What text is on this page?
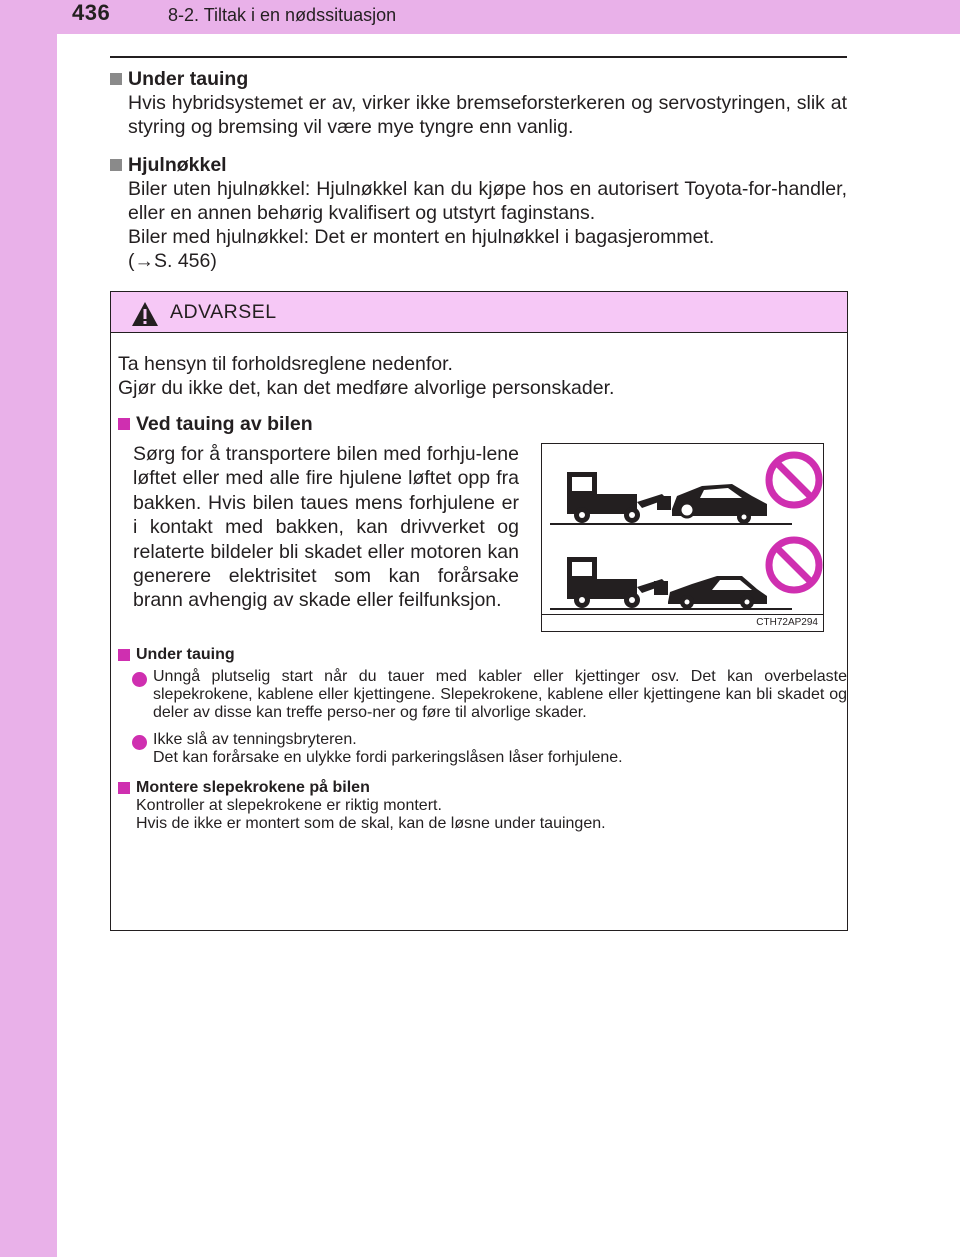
436	8-2. Tiltak i en nødssituasjon
Under tauing

Hvis hybridsystemet er av, virker ikke bremseforsterkeren og servostyringen, slik at styring og bremsing vil være mye tyngre enn vanlig.

Hjulnøkkel

Biler uten hjulnøkkel: Hjulnøkkel kan du kjøpe hos en autorisert Toyota-for-handler, eller en annen behørig kvalifisert og utstyrt faginstans.

Biler med hjulnøkkel: Det er montert en hjulnøkkel i bagasjerommet.

(→S. 456)

ADVARSEL

Ta hensyn til forholdsreglene nedenfor.

Gjør du ikke det, kan det medføre alvorlige personskader.

Ved tauing av bilen
Sørg for å transportere bilen med forhju-lene løftet eller med alle fire hjulene løftet opp fra bakken. Hvis bilen taues mens forhjulene er i kontakt med bakken, kan drivverket og relaterte bildeler bli skadet eller motoren kan generere elektrisitet som kan forårsake brann avhengig av skade eller feilfunksjon.
CTH72AP294
Under tauing
Unngå plutselig start når du tauer med kabler eller kjettinger osv. Det kan overbelaste slepekrokene, kablene eller kjettingene. Slepekrokene, kablene eller kjettingene kan bli skadet og deler av disse kan treffe perso-ner og føre til alvorlige skader.

Ikke slå av tenningsbryteren.

Det kan forårsake en ulykke fordi parkeringslåsen låser forhjulene.

Montere slepekrokene på bilen

Kontroller at slepekrokene er riktig montert.

Hvis de ikke er montert som de skal, kan de løsne under tauingen.
